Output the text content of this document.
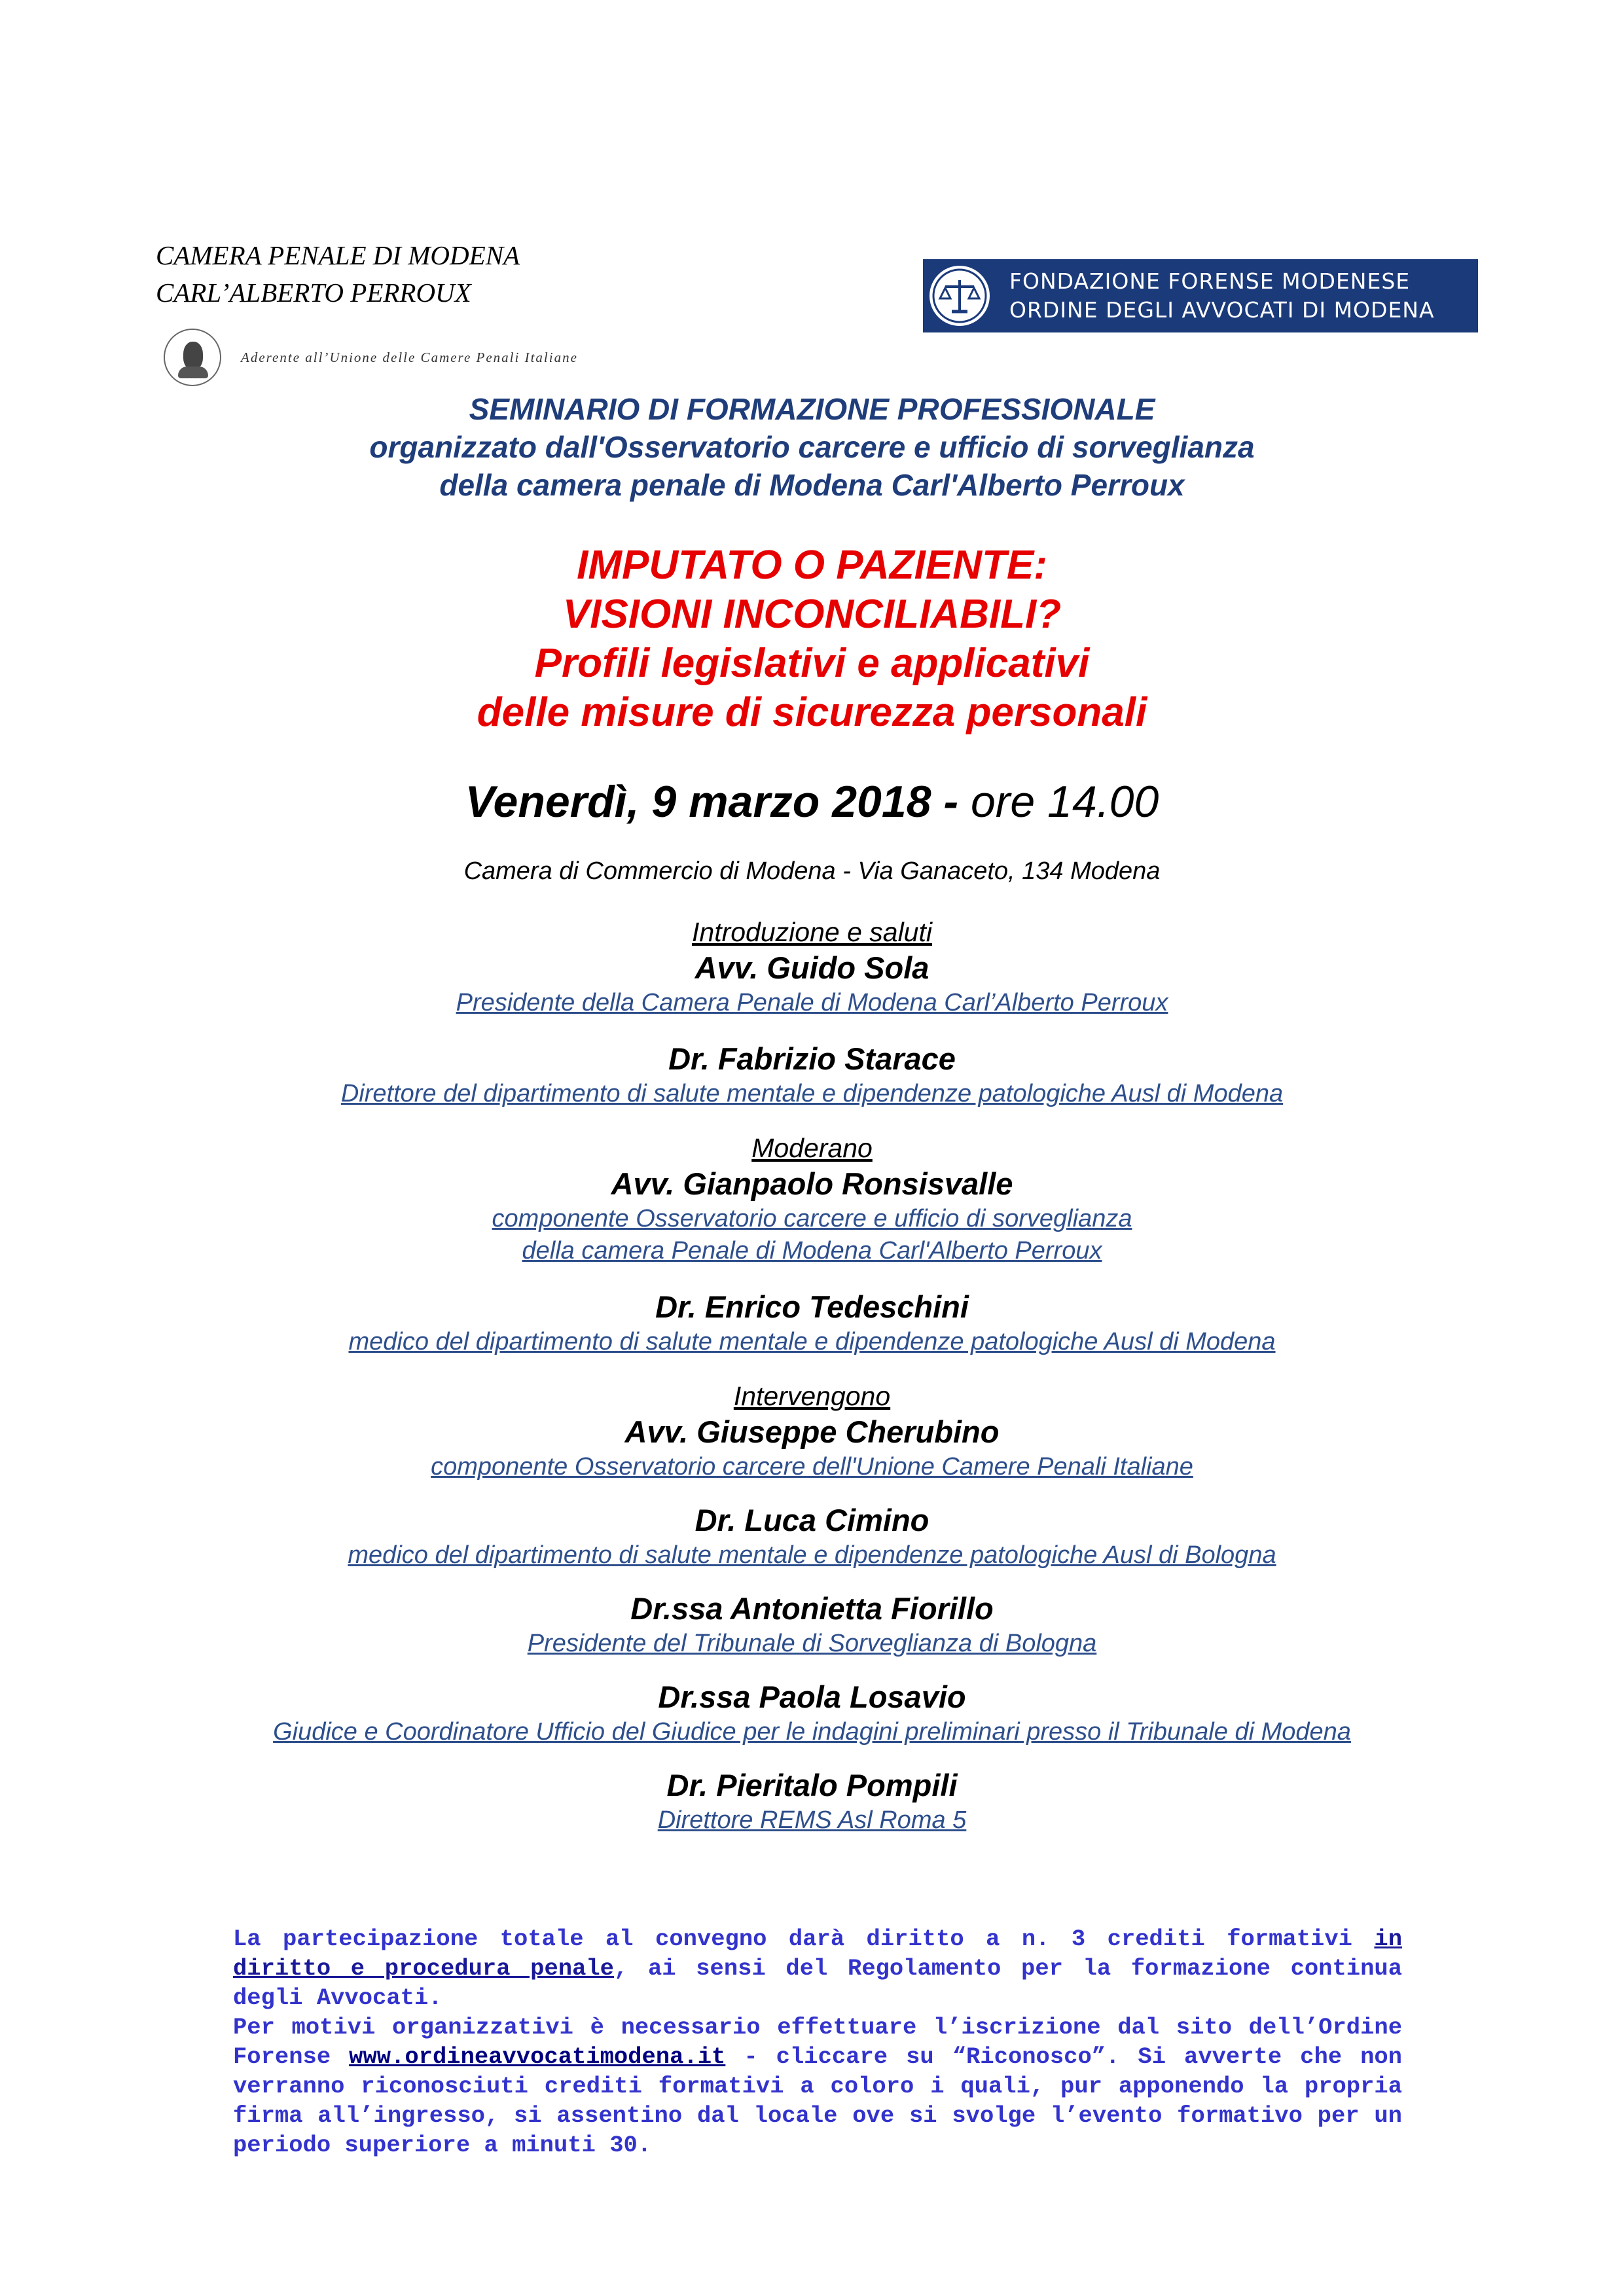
CAMERA PENALE DI MODENA
CARL’ALBERTO PERROUX
Aderente all’Unione delle Camere Penali Italiane
FONDAZIONE FORENSE MODENESE
ORDINE DEGLI AVVOCATI DI MODENA
SEMINARIO DI FORMAZIONE PROFESSIONALE
organizzato dall'Osservatorio carcere e ufficio di sorveglianza
della camera penale di Modena Carl'Alberto Perroux
IMPUTATO O PAZIENTE:
VISIONI INCONCILIABILI?
Profili legislativi e applicativi
delle misure di sicurezza personali
Venerdì, 9 marzo 2018 - ore 14.00
Camera di Commercio di Modena - Via Ganaceto, 134 Modena
Introduzione e saluti
Avv. Guido Sola
Presidente della Camera Penale di Modena Carl’Alberto Perroux
Dr. Fabrizio Starace
Direttore del dipartimento di salute mentale e dipendenze patologiche Ausl di Modena
Moderano
Avv. Gianpaolo Ronsisvalle
componente Osservatorio carcere e ufficio di sorveglianza
della camera Penale di Modena Carl'Alberto Perroux
Dr. Enrico Tedeschini
medico del dipartimento di salute mentale e dipendenze patologiche Ausl di Modena
Intervengono
Avv. Giuseppe Cherubino
componente Osservatorio carcere dell'Unione Camere Penali Italiane
Dr. Luca Cimino
medico del dipartimento di salute mentale e dipendenze patologiche Ausl di Bologna
Dr.ssa Antonietta Fiorillo
Presidente del Tribunale di Sorveglianza di Bologna
Dr.ssa Paola Losavio
Giudice e Coordinatore Ufficio del Giudice per le indagini preliminari presso il Tribunale di Modena
Dr. Pieritalo Pompili
Direttore REMS Asl Roma 5

La partecipazione totale al convegno darà diritto a n. 3 crediti formativi in diritto e procedura penale, ai sensi del Regolamento per la formazione continua degli Avvocati.

Per motivi organizzativi è necessario effettuare l’iscrizione dal sito dell’Ordine Forense www.ordineavvocatimodena.it - cliccare su “Riconosco”. Si avverte che non verranno riconosciuti crediti formativi a coloro i quali, pur apponendo la propria firma all’ingresso, si assentino dal locale ove si svolge l’evento formativo per un periodo superiore a minuti 30.
